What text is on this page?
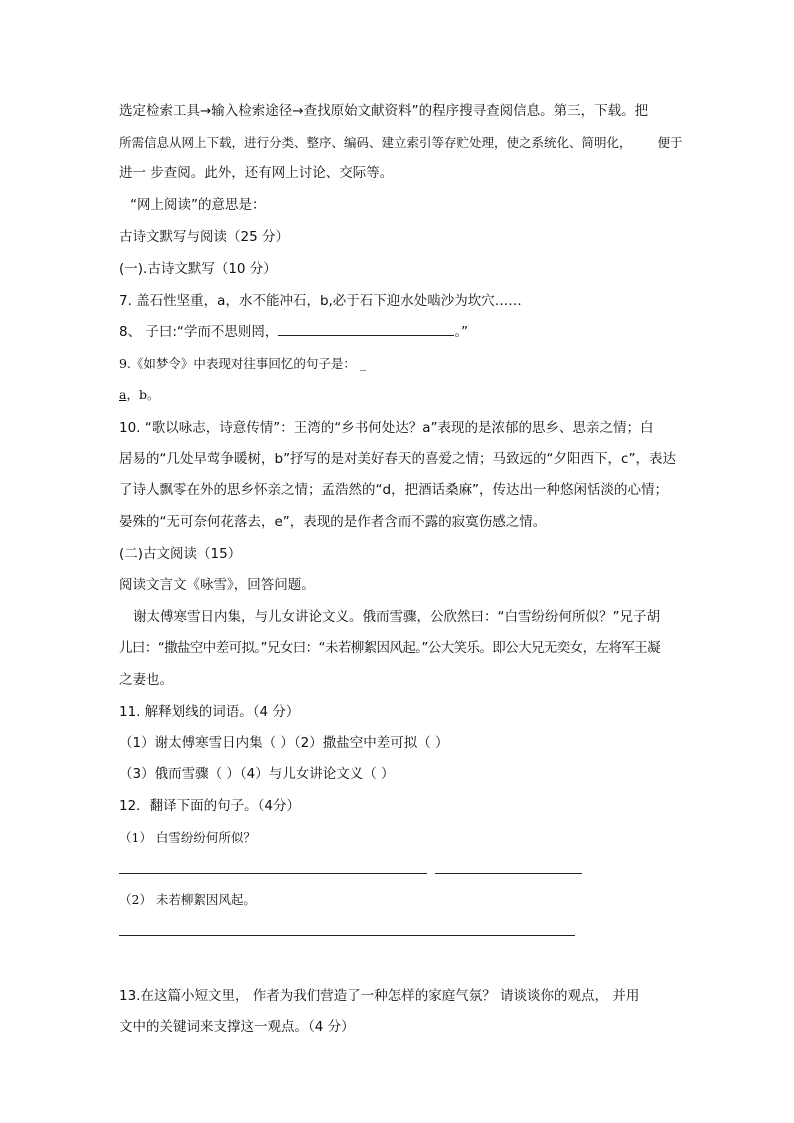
选定检索工具→输入检索途径→查找原始文献资料”的程序搜寻查阅信息。第三，下载。把

所需信息从网上下载，进行分类、整序、编码、建立索引等存贮处理，使之系统化、简明化， 便于

进一 步查阅。此外，还有网上讨论、交际等。

“网上阅读”的意思是：

古诗文默写与阅读（25 分）

(一).古诗文默写（10 分）

7. 盖石性坚重，a，水不能冲石，b,必于石下迎水处啮沙为坎穴……

8、 子曰:“学而不思则罔，	。”

9.《如梦令》中表现对往事回忆的句子是： _

a，b。

10. “歌以咏志，诗意传情”：王湾的“乡书何处达？a”表现的是浓郁的思乡、思亲之情；白

居易的“几处早莺争暖树，b”抒写的是对美好春天的喜爱之情；马致远的“夕阳西下，c”，表达

了诗人飘零在外的思乡怀亲之情；孟浩然的“d，把酒话桑麻”，传达出一种悠闲恬淡的心情；

晏殊的“无可奈何花落去，e”，表现的是作者含而不露的寂寞伤感之情。

(二)古文阅读（15）

阅读文言文《咏雪》，回答问题。

谢太傅寒雪日内集，与儿女讲论文义。俄而雪骤，公欣然曰：“白雪纷纷何所似？”兄子胡

儿曰：“撒盐空中差可拟。”兄女曰：“未若柳絮因风起。”公大笑乐。即公大兄无奕女，左将军王凝

之妻也。

11. 解释划线的词语。（4 分）

（1）谢太傅寒雪日内集（ ）（2）撒盐空中差可拟（ ）

（3）俄而雪骤（ ）（4）与儿女讲论文义（ ）

12．翻译下面的句子。（4分）

（1） 白雪纷纷何所似？

（2） 未若柳絮因风起。

13.在这篇小短文里， 作者为我们营造了一种怎样的家庭气氛？ 请谈谈你的观点， 并用

文中的关键词来支撑这一观点。（4 分）
